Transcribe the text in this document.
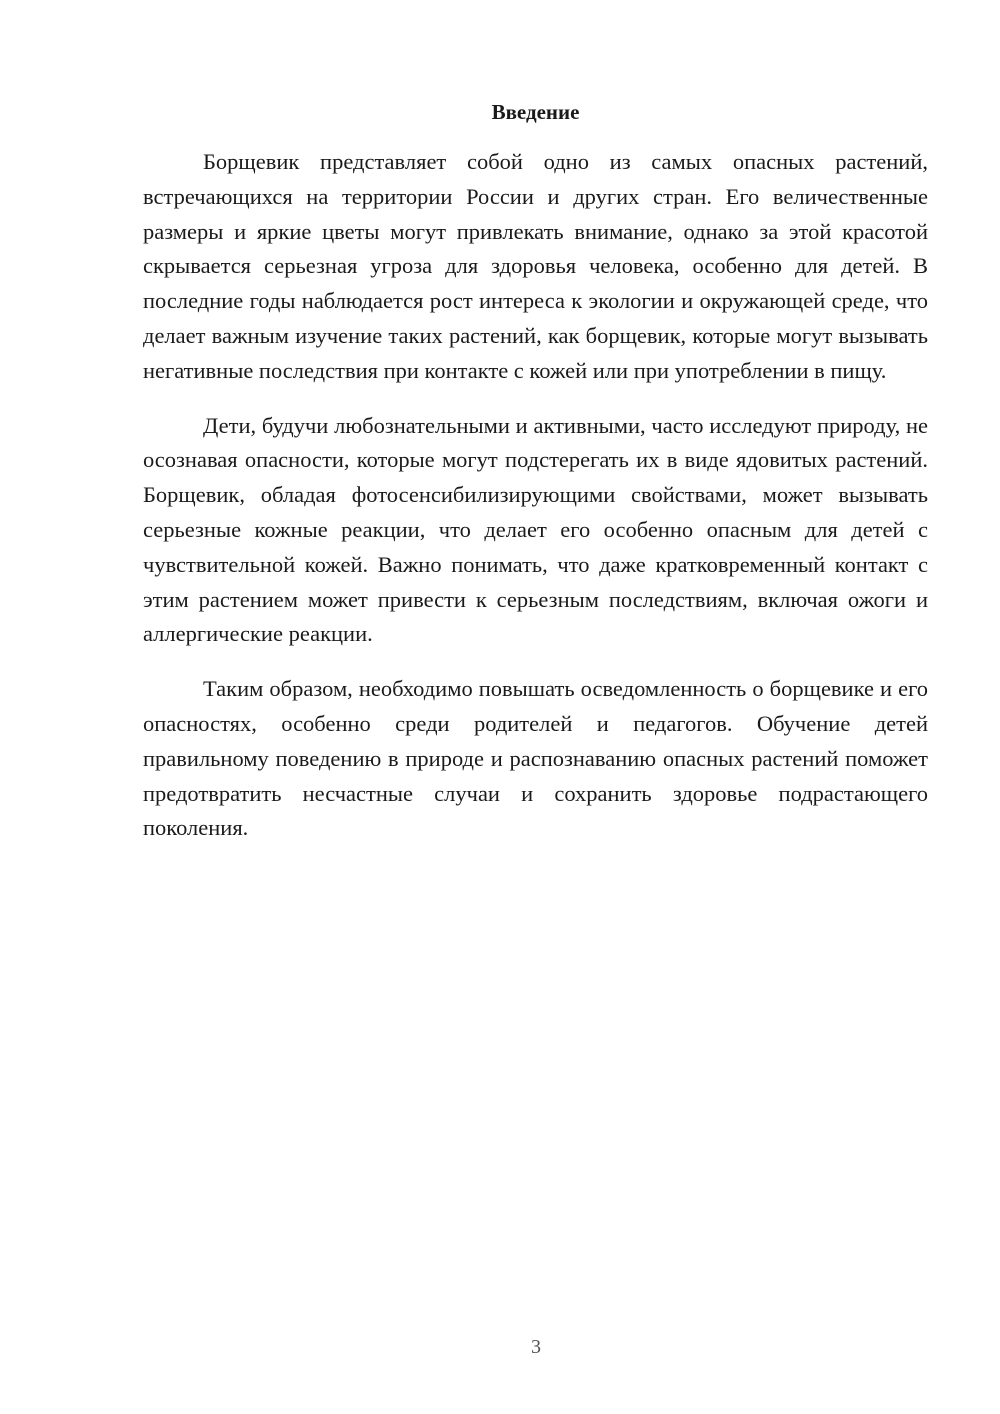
Введение

Борщевик представляет собой одно из самых опасных растений, встречающихся на территории России и других стран. Его величественные размеры и яркие цветы могут привлекать внимание, однако за этой красотой скрывается серьезная угроза для здоровья человека, особенно для детей. В последние годы наблюдается рост интереса к экологии и окружающей среде, что делает важным изучение таких растений, как борщевик, которые могут вызывать негативные последствия при контакте с кожей или при употреблении в пищу.

Дети, будучи любознательными и активными, часто исследуют природу, не осознавая опасности, которые могут подстерегать их в виде ядовитых растений. Борщевик, обладая фотосенсибилизирующими свойствами, может вызывать серьезные кожные реакции, что делает его особенно опасным для детей с чувствительной кожей. Важно понимать, что даже кратковременный контакт с этим растением может привести к серьезным последствиям, включая ожоги и аллергические реакции.

Таким образом, необходимо повышать осведомленность о борщевике и его опасностях, особенно среди родителей и педагогов. Обучение детей правильному поведению в природе и распознаванию опасных растений поможет предотвратить несчастные случаи и сохранить здоровье подрастающего поколения.

3
